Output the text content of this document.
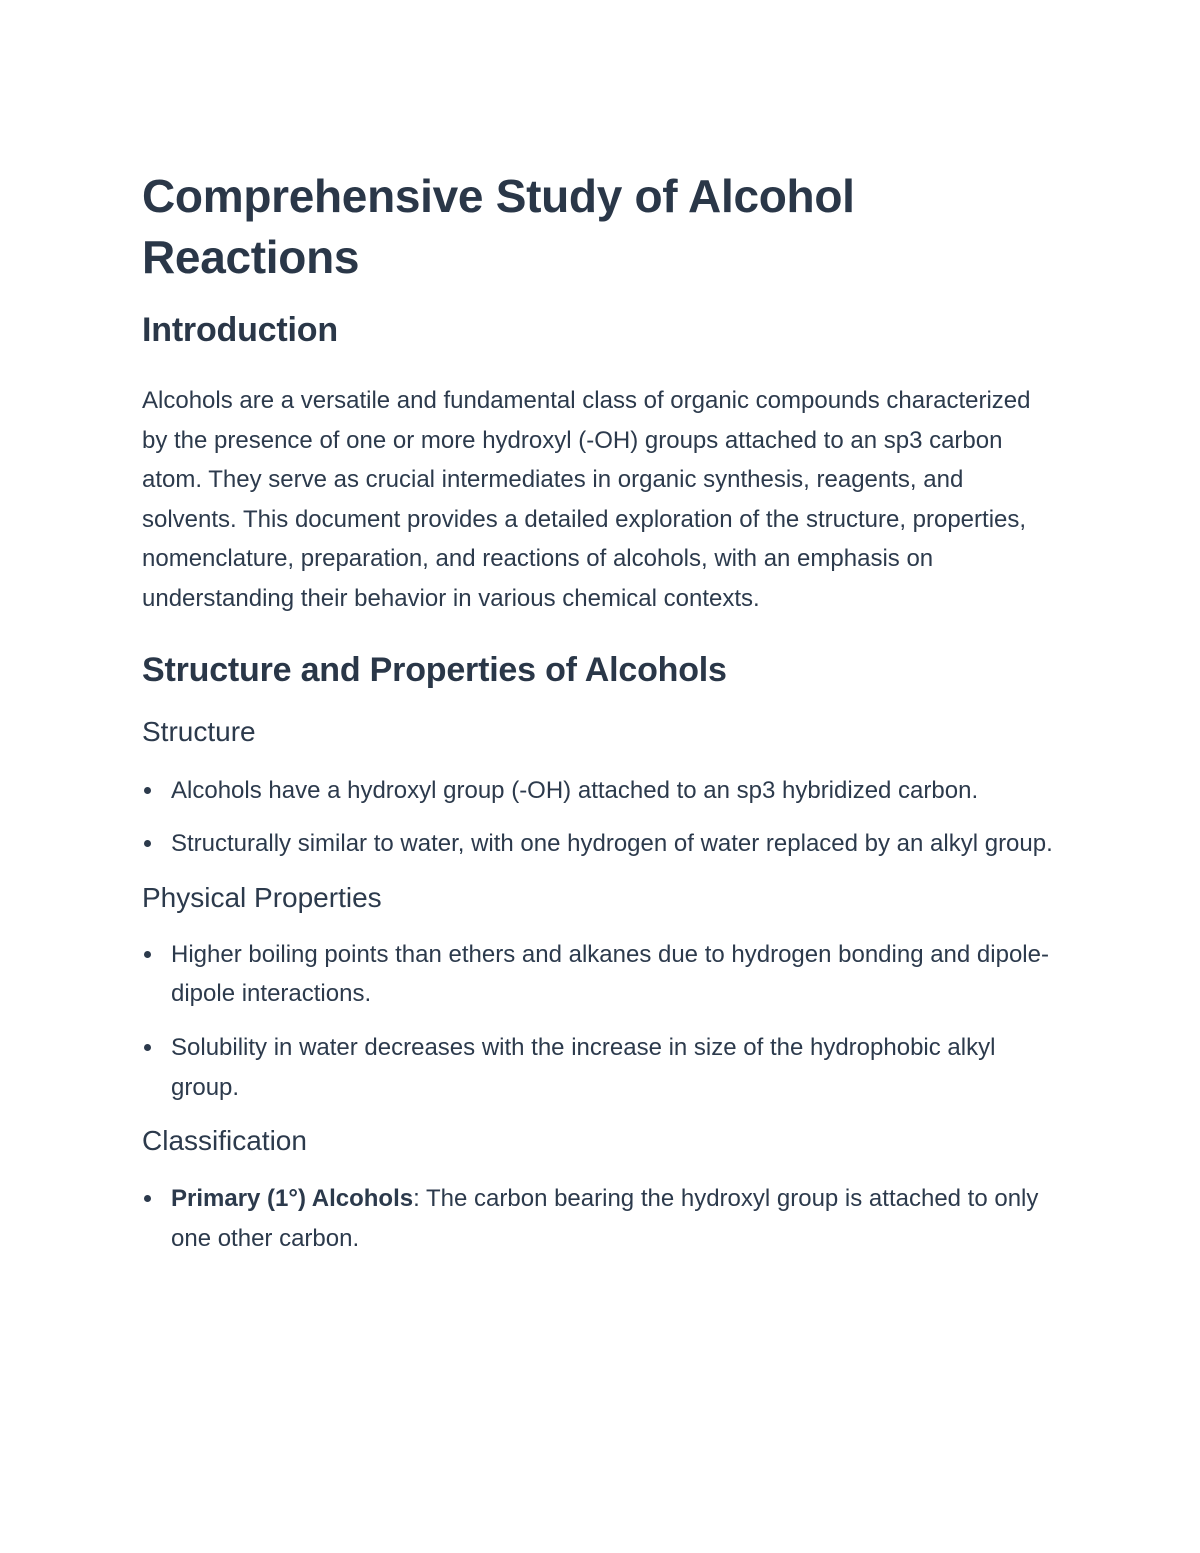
Comprehensive Study of Alcohol Reactions
Introduction

Alcohols are a versatile and fundamental class of organic compounds characterized by the presence of one or more hydroxyl (-OH) groups attached to an sp3 carbon atom. They serve as crucial intermediates in organic synthesis, reagents, and solvents. This document provides a detailed exploration of the structure, properties, nomenclature, preparation, and reactions of alcohols, with an emphasis on understanding their behavior in various chemical contexts.

Structure and Properties of Alcohols
Structure
Alcohols have a hydroxyl group (-OH) attached to an sp3 hybridized carbon.
Structurally similar to water, with one hydrogen of water replaced by an alkyl group.
Physical Properties
Higher boiling points than ethers and alkanes due to hydrogen bonding and dipole-dipole interactions.
Solubility in water decreases with the increase in size of the hydrophobic alkyl group.
Classification
Primary (1°) Alcohols: The carbon bearing the hydroxyl group is attached to only one other carbon.
